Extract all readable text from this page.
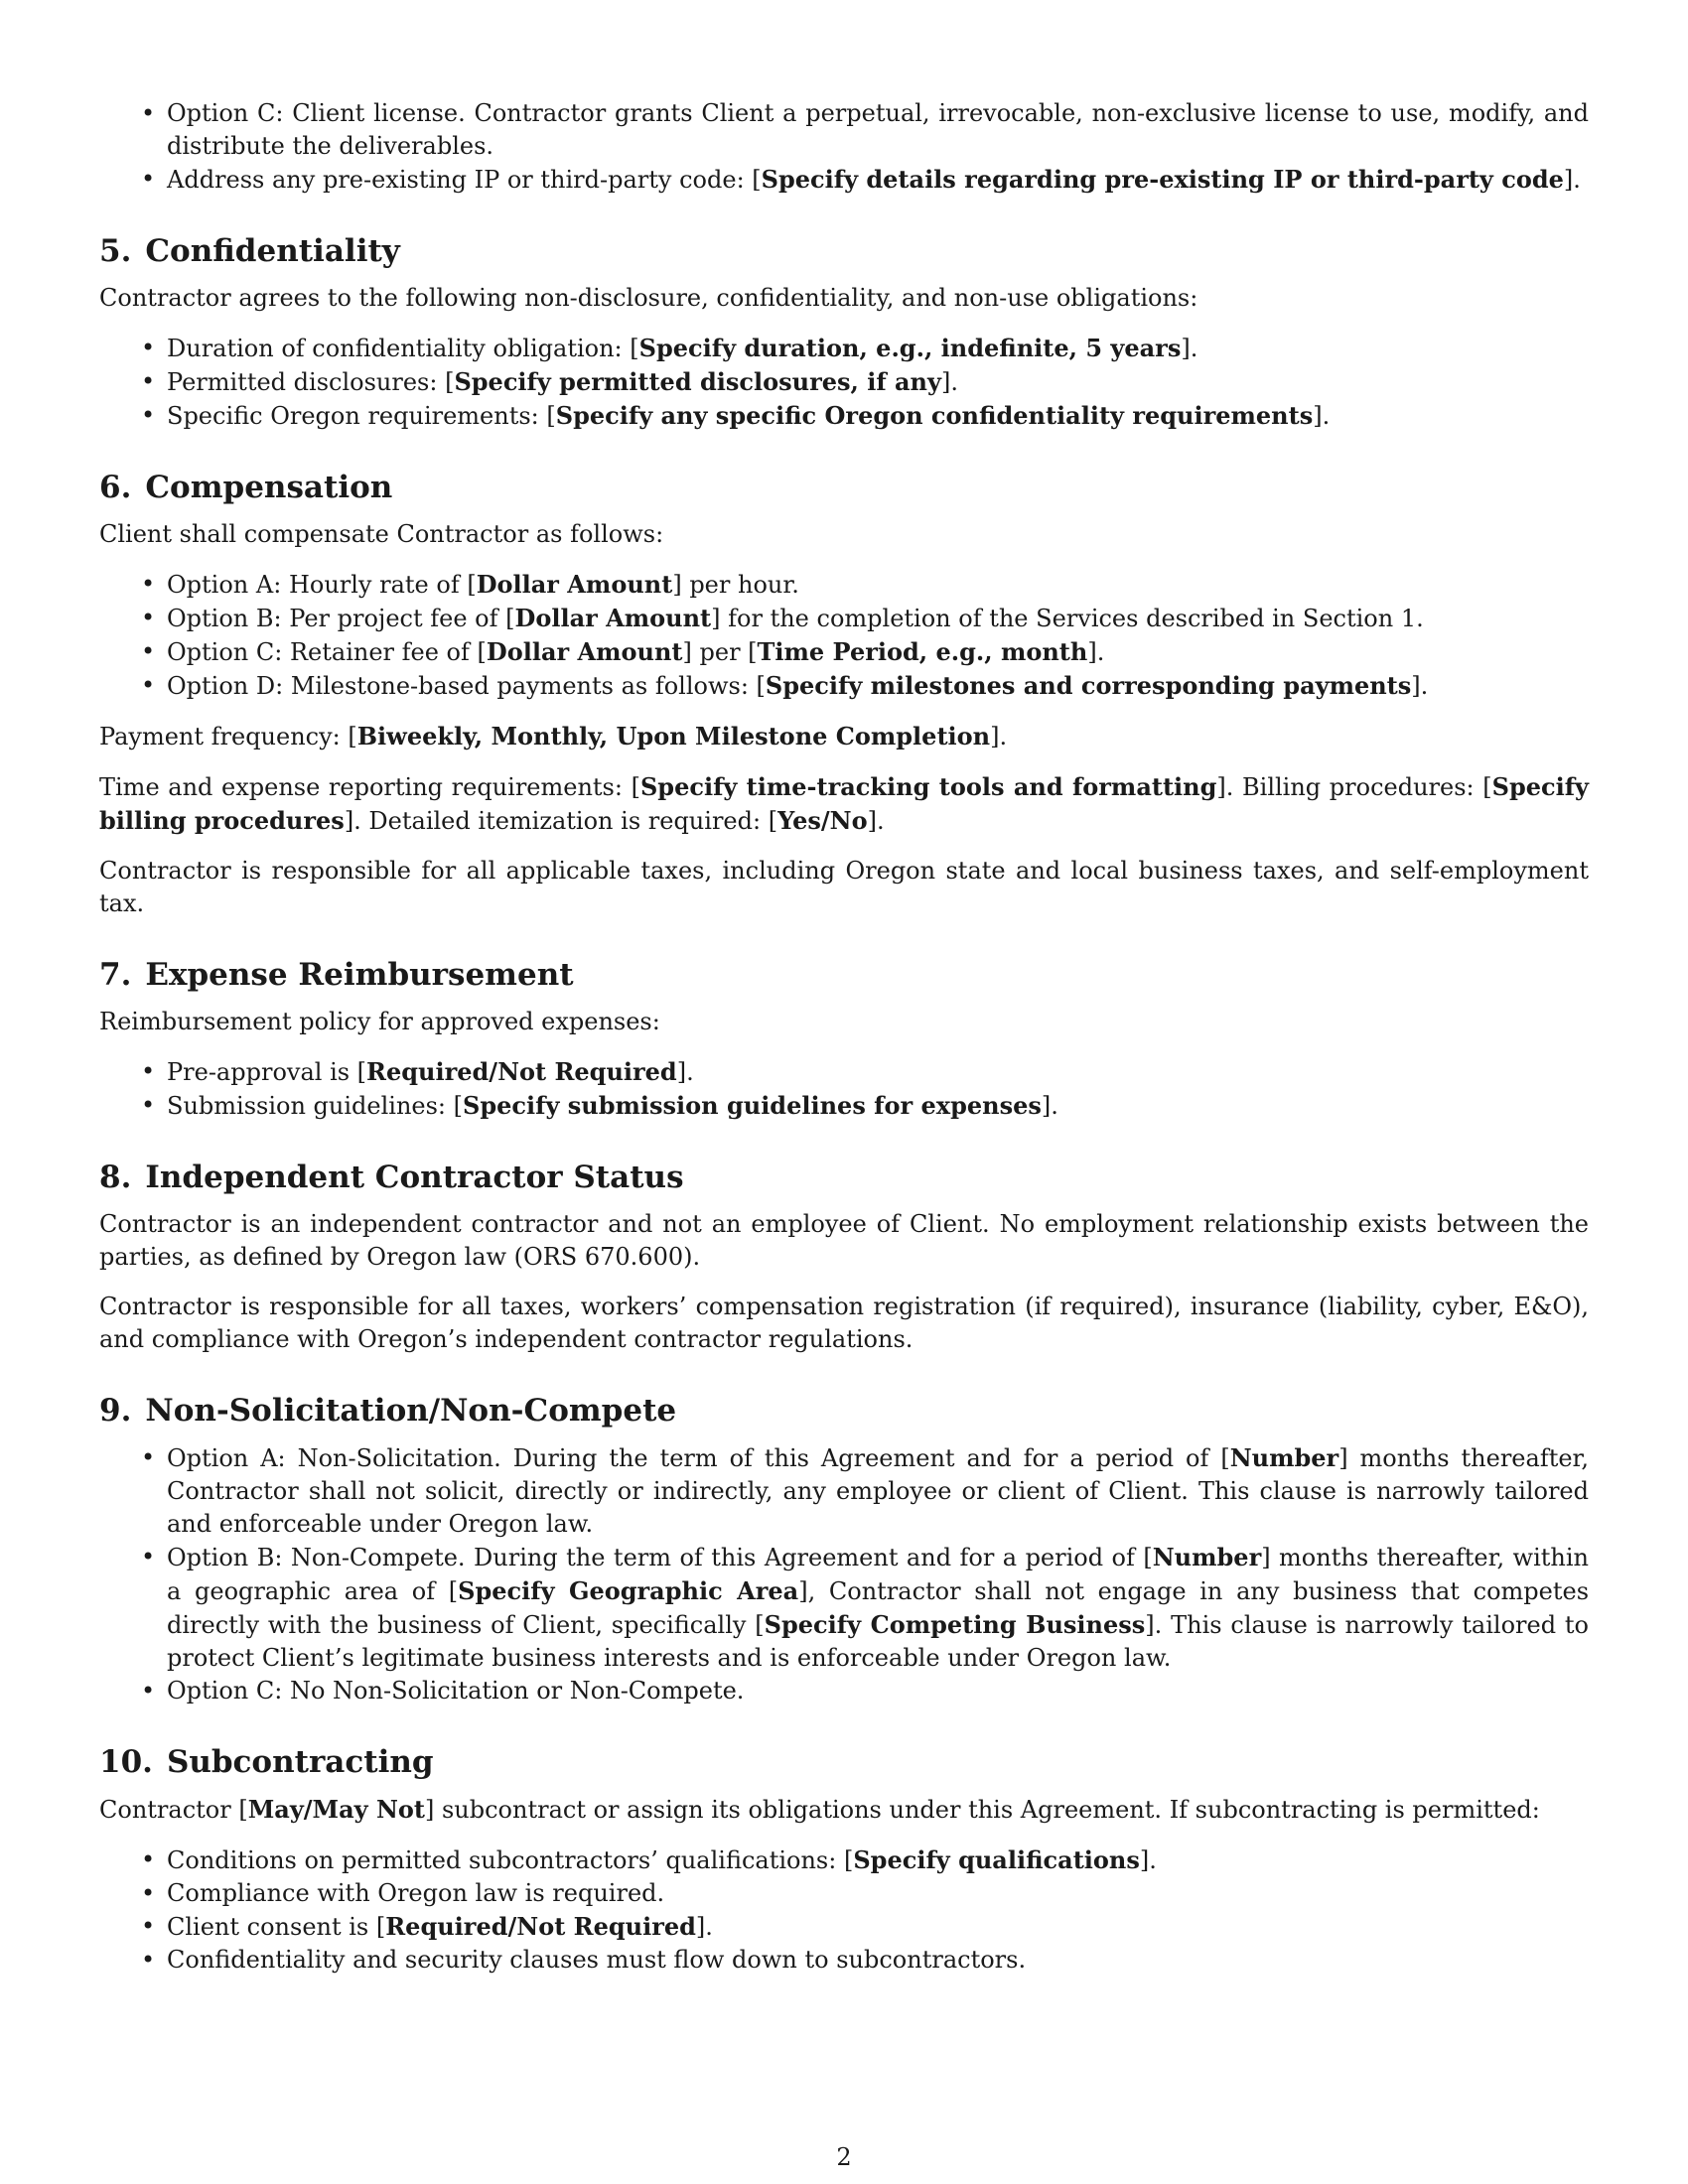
• Option C: Client license. Contractor grants Client a perpetual, irrevocable, non-exclusive license to use, modify, and distribute the deliverables.
• Address any pre-existing IP or third-party code: [Specify details regarding pre-existing IP or third-party code].
5. Confidentiality

Contractor agrees to the following non-disclosure, confidentiality, and non-use obligations:

• Duration of confidentiality obligation: [Specify duration, e.g., indefinite, 5 years].
• Permitted disclosures: [Specify permitted disclosures, if any].
• Specific Oregon requirements: [Specify any specific Oregon confidentiality requirements].
6. Compensation

Client shall compensate Contractor as follows:

• Option A: Hourly rate of [Dollar Amount] per hour.
• Option B: Per project fee of [Dollar Amount] for the completion of the Services described in Section 1.
• Option C: Retainer fee of [Dollar Amount] per [Time Period, e.g., month].
• Option D: Milestone-based payments as follows: [Specify milestones and corresponding payments].

Payment frequency: [Biweekly, Monthly, Upon Milestone Completion].

Time and expense reporting requirements: [Specify time-tracking tools and formatting]. Billing procedures: [Specify billing procedures]. Detailed itemization is required: [Yes/No].

Contractor is responsible for all applicable taxes, including Oregon state and local business taxes, and self-employment tax.

7. Expense Reimbursement

Reimbursement policy for approved expenses:

• Pre-approval is [Required/Not Required].
• Submission guidelines: [Specify submission guidelines for expenses].
8. Independent Contractor Status

Contractor is an independent contractor and not an employee of Client. No employment relationship exists between the parties, as defined by Oregon law (ORS 670.600).

Contractor is responsible for all taxes, workers’ compensation registration (if required), insurance (liability, cyber, E&O), and compliance with Oregon’s independent contractor regulations.

9. Non-Solicitation/Non-Compete
• Option A: Non-Solicitation. During the term of this Agreement and for a period of [Number] months thereafter, Contractor shall not solicit, directly or indirectly, any employee or client of Client. This clause is narrowly tailored and enforceable under Oregon law.
• Option B: Non-Compete. During the term of this Agreement and for a period of [Number] months thereafter, within a geographic area of [Specify Geographic Area], Contractor shall not engage in any business that competes directly with the business of Client, specifically [Specify Competing Business]. This clause is narrowly tailored to protect Client’s legitimate business interests and is enforceable under Oregon law.
• Option C: No Non-Solicitation or Non-Compete.
10. Subcontracting

Contractor [May/May Not] subcontract or assign its obligations under this Agreement. If subcontracting is permitted:

• Conditions on permitted subcontractors’ qualifications: [Specify qualifications].
• Compliance with Oregon law is required.
• Client consent is [Required/Not Required].
• Confidentiality and security clauses must flow down to subcontractors.
2
